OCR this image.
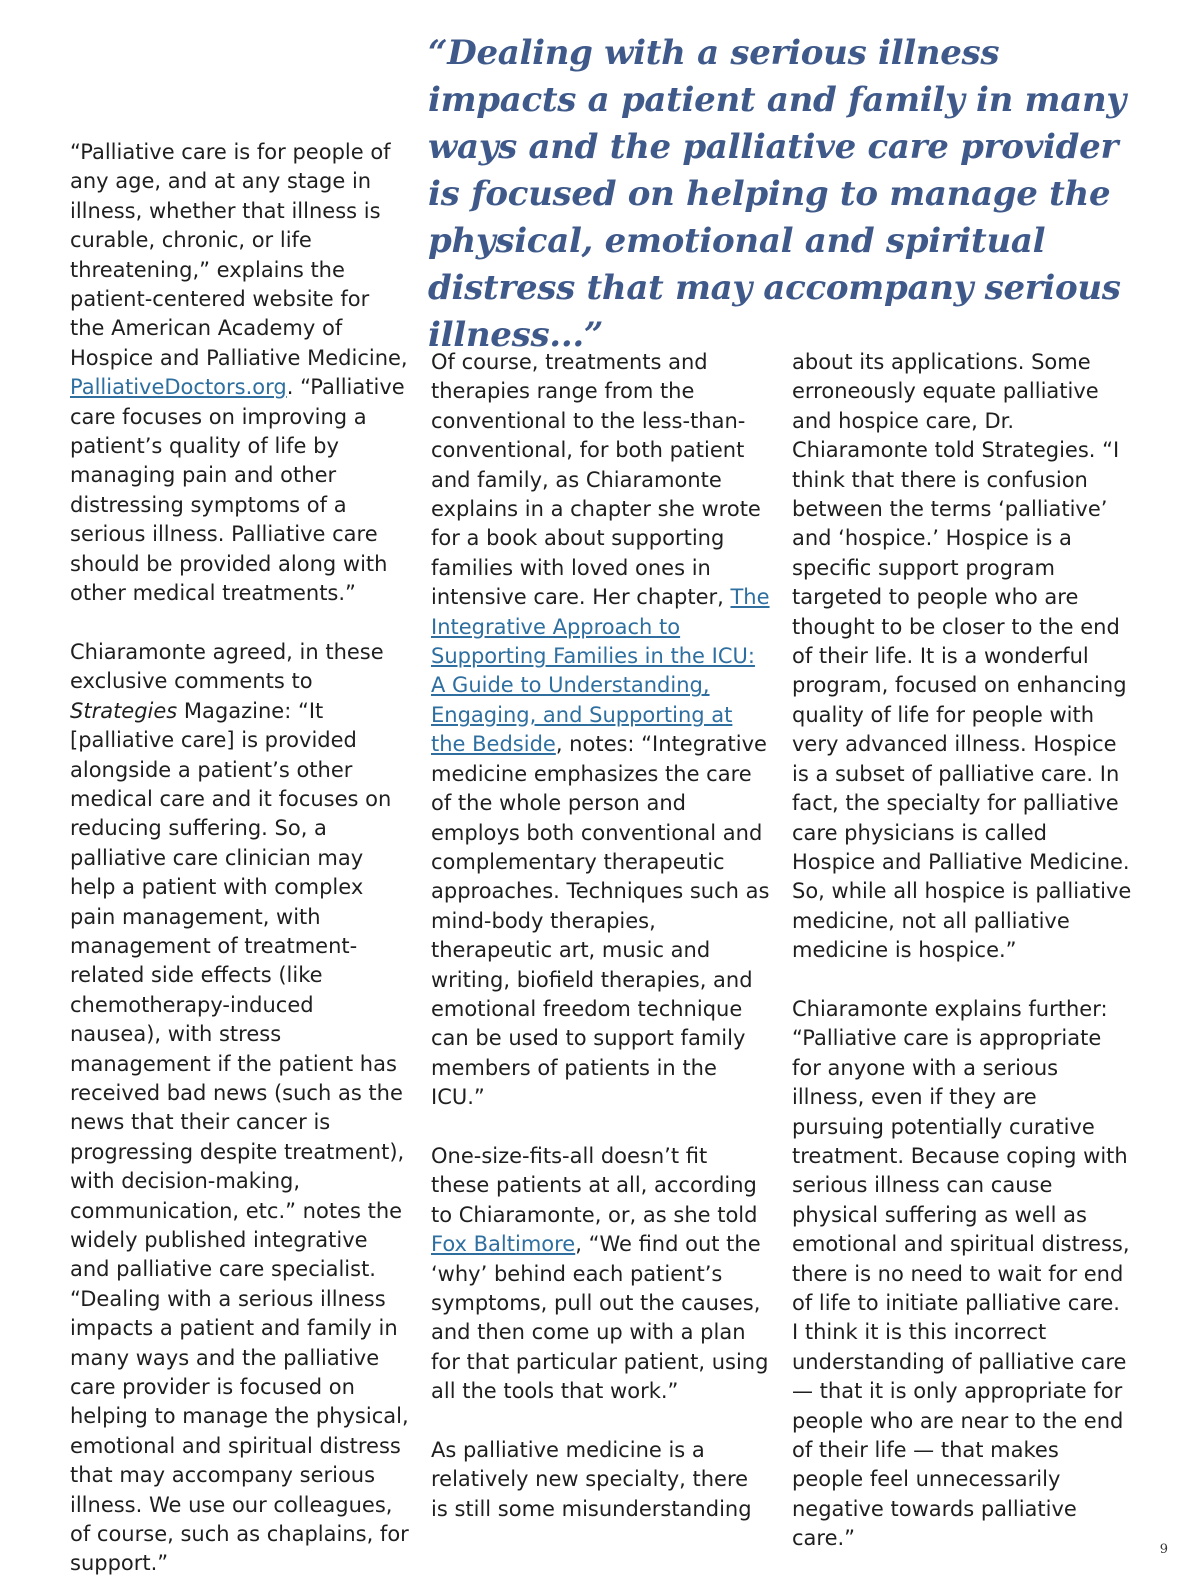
“Dealing with a serious illness impacts a patient and family in many ways and the palliative care provider is focused on helping to manage the physical, emotional and spiritual distress that may accompany serious illness...”

“Palliative care is for people of any age, and at any stage in illness, whether that illness is curable, chronic, or life threatening,” explains the patient-centered website for the American Academy of Hospice and Palliative Medicine, PalliativeDoctors.org. “Palliative care focuses on improving a patient’s quality of life by managing pain and other distressing symptoms of a serious illness. Palliative care should be provided along with other medical treatments.”

Chiaramonte agreed, in these exclusive comments to Strategies Magazine: “It [palliative care] is provided alongside a patient’s other medical care and it focuses on reducing suffering. So, a palliative care clinician may help a patient with complex pain management, with management of treatment-related side effects (like chemotherapy-induced nausea), with stress management if the patient has received bad news (such as the news that their cancer is progressing despite treatment), with decision-making, communication, etc.” notes the widely published integrative and palliative care specialist. “Dealing with a serious illness impacts a patient and family in many ways and the palliative care provider is focused on helping to manage the physical, emotional and spiritual distress that may accompany serious illness. We use our colleagues, of course, such as chaplains, for support.”

Of course, treatments and therapies range from the conventional to the less-than-conventional, for both patient and family, as Chiaramonte explains in a chapter she wrote for a book about supporting families with loved ones in intensive care. Her chapter, The Integrative Approach to Supporting Families in the ICU: A Guide to Understanding, Engaging, and Supporting at the Bedside, notes: “Integrative medicine emphasizes the care of the whole person and employs both conventional and complementary therapeutic approaches. Techniques such as mind-body therapies, therapeutic art, music and writing, biofield therapies, and emotional freedom technique can be used to support family members of patients in the ICU.”

One-size-fits-all doesn’t fit these patients at all, according to Chiaramonte, or, as she told Fox Baltimore, “We find out the ‘why’ behind each patient’s symptoms, pull out the causes, and then come up with a plan for that particular patient, using all the tools that work.”

As palliative medicine is a relatively new specialty, there is still some misunderstanding

about its applications. Some erroneously equate palliative and hospice care, Dr. Chiaramonte told Strategies. “I think that there is confusion between the terms ‘palliative’ and ‘hospice.’ Hospice is a specific support program targeted to people who are thought to be closer to the end of their life. It is a wonderful program, focused on enhancing quality of life for people with very advanced illness. Hospice is a subset of palliative care. In fact, the specialty for palliative care physicians is called Hospice and Palliative Medicine. So, while all hospice is palliative medicine, not all palliative medicine is hospice.”

Chiaramonte explains further: “Palliative care is appropriate for anyone with a serious illness, even if they are pursuing potentially curative treatment. Because coping with serious illness can cause physical suffering as well as emotional and spiritual distress, there is no need to wait for end of life to initiate palliative care. I think it is this incorrect understanding of palliative care — that it is only appropriate for people who are near to the end of their life — that makes people feel unnecessarily negative towards palliative care.”	9
